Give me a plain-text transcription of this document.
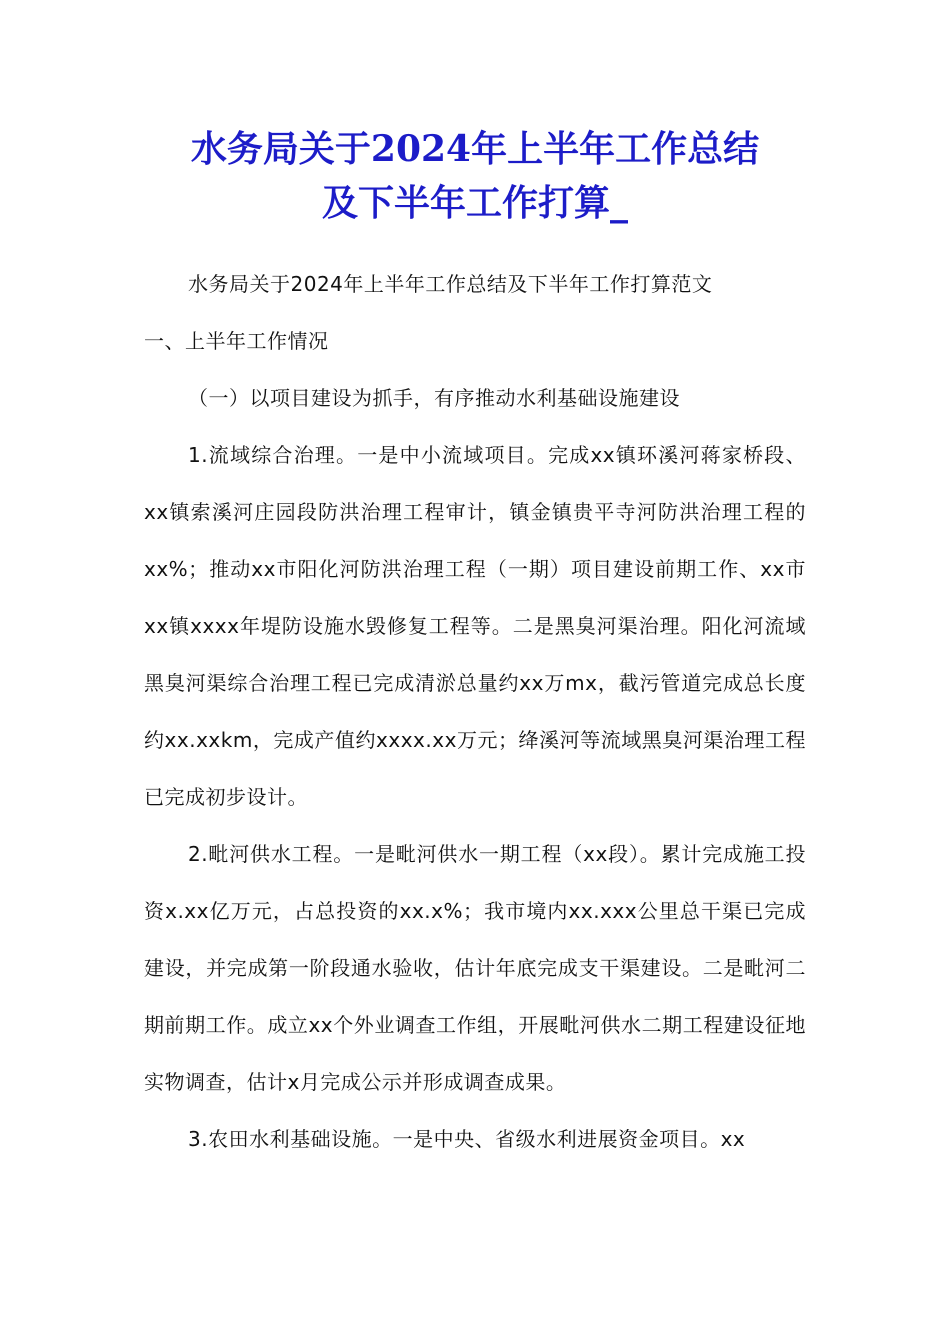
水务局关于2024年上半年工作总结
及下半年工作打算_

水务局关于2024年上半年工作总结及下半年工作打算范文

一、上半年工作情况

（一）以项目建设为抓手，有序推动水利基础设施建设

1.流域综合治理。一是中小流域项目。完成xx镇环溪河蒋家桥段、xx镇索溪河庄园段防洪治理工程审计，镇金镇贵平寺河防洪治理工程的xx%；推动xx市阳化河防洪治理工程（一期）项目建设前期工作、xx市xx镇xxxx年堤防设施水毁修复工程等。二是黑臭河渠治理。阳化河流域黑臭河渠综合治理工程已完成清淤总量约xx万mx，截污管道完成总长度约xx.xxkm，完成产值约xxxx.xx万元；绛溪河等流域黑臭河渠治理工程已完成初步设计。

2.毗河供水工程。一是毗河供水一期工程（xx段）。累计完成施工投资x.xx亿万元，占总投资的xx.x%；我市境内xx.xxx公里总干渠已完成建设，并完成第一阶段通水验收，估计年底完成支干渠建设。二是毗河二期前期工作。成立xx个外业调查工作组，开展毗河供水二期工程建设征地实物调查，估计x月完成公示并形成调查成果。

3.农田水利基础设施。一是中央、省级水利进展资金项目。xx
